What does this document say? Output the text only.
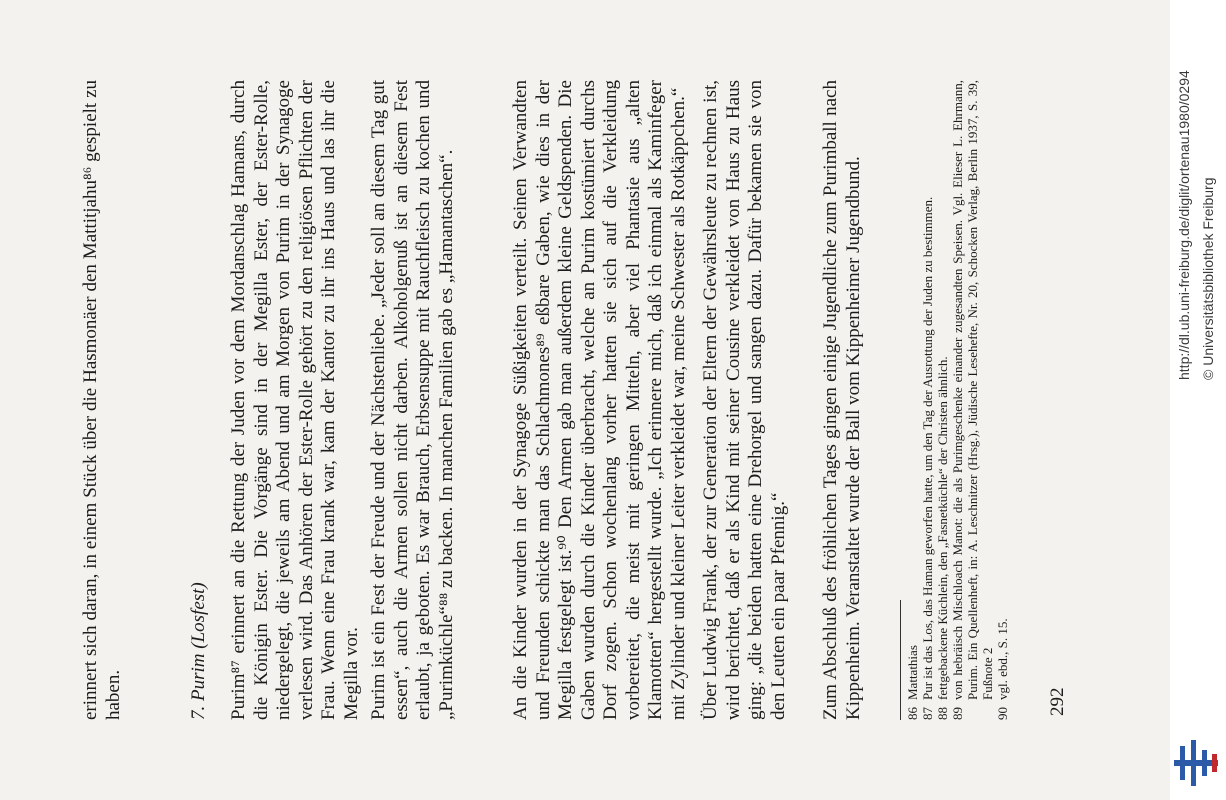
erinnert sich daran, in einem Stück über die Hasmonäer den Mattitjahu⁸⁶ gespielt zu haben.	7. Purim (Losfest) Purim⁸⁷ erinnert an die Rettung der Juden vor dem Mordanschlag Hamans, durch die Königin Ester. Die Vorgänge sind in der Megilla Ester, der Ester-Rolle, niedergelegt, die jeweils am Abend und am Morgen von Purim in der Synagoge verlesen wird. Das Anhören der Ester-Rolle gehört zu den religiösen Pflichten der Frau. Wenn eine Frau krank war, kam der Kantor zu ihr ins Haus und las ihr die Megilla vor. Purim ist ein Fest der Freude und der Nächstenliebe. „Jeder soll an diesem Tag gut essen“, auch die Armen sollen nicht darben. Alkoholgenuß ist an diesem Fest erlaubt, ja geboten. Es war Brauch, Erbsensuppe mit Rauchfleisch zu kochen und „Purimküchle“⁸⁸ zu backen. In manchen Familien gab es „Hamantaschen“.	An die Kinder wurden in der Synagoge Süßigkeiten verteilt. Seinen Verwandten und Freunden schickte man das Schlachmones⁸⁹ eßbare Gaben, wie dies in der Megilla festgelegt ist.⁹⁰ Den Armen gab man außerdem kleine Geldspenden. Die Gaben wurden durch die Kinder überbracht, welche an Purim kostümiert durchs Dorf zogen. Schon wochenlang vorher hatten sie sich auf die Verkleidung vorbereitet, die meist mit geringen Mitteln, aber viel Phantasie aus „alten Klamotten“ hergestellt wurde. „Ich erinnere mich, daß ich einmal als Kaminfeger mit Zylinder und kleiner Leiter verkleidet war, meine Schwester als Rotkäppchen.“ Über Ludwig Frank, der zur Generation der Eltern der Gewährsleute zu rechnen ist, wird berichtet, daß er als Kind mit seiner Cousine verkleidet von Haus zu Haus ging: „die beiden hatten eine Drehorgel und sangen dazu. Dafür bekamen sie von den Leuten ein paar Pfennig.“ Zum Abschluß des fröhlichen Tages gingen einige Jugendliche zum Purimball nach Kippenheim. Veranstaltet wurde der Ball vom Kippenheimer Jugendbund.	86
Mattathias
87
Pur ist das Los, das Haman geworfen hatte, um den Tag der Ausrottung der Juden zu bestimmen.
88
fettgebackene Küchlein, den „Fasnetküchle“ der Christen ähnlich.
89
von hebräisch Mischloach Manot: die als Purimgeschenke einander zugesandten Speisen. Vgl. Elieser L. Ehrmann, Purim. Ein Quellenheft, in: A. Leschnitzer (Hrsg.), Jüdische Lesehefte, Nr. 20, Schocken Verlag, Berlin 1937, S. 39, Fußnote 2
90
vgl. ebd., S. 15.
292
http://dl.ub.uni-freiburg.de/diglit/ortenau1980/0294 © Universitätsbibliothek Freiburg
